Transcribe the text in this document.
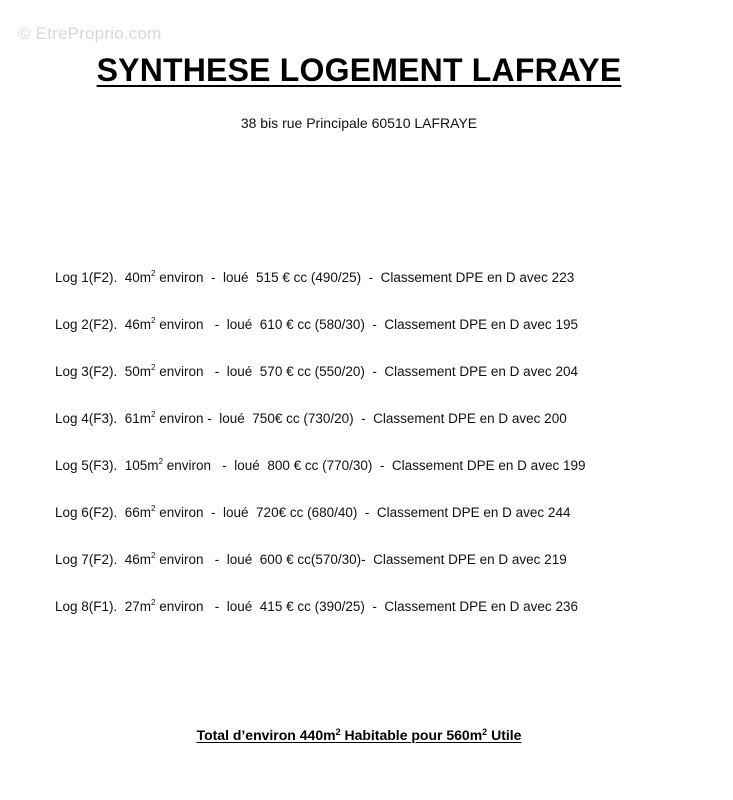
© EtreProprio.com
SYNTHESE LOGEMENT LAFRAYE
38 bis rue Principale 60510 LAFRAYE
Log 1(F2).  $40m^2$ environ  -  loué  515 € cc (490/25)  -  Classement DPE en D avec 223
Log 2(F2).  $46m^2$ environ   -  loué  610 € cc (580/30)  -  Classement DPE en D avec 195
Log 3(F2).  $50m^2$ environ   -  loué  570 € cc (550/20)  -  Classement DPE en D avec 204
Log 4(F3).  $61m^2$ environ -  loué  750€ cc (730/20)  -  Classement DPE en D avec 200
Log 5(F3).  $105m^2$ environ   -  loué  800 € cc (770/30)  -  Classement DPE en D avec 199
Log 6(F2).  $66m^2$ environ  -  loué  720€ cc (680/40)  -  Classement DPE en D avec 244
Log 7(F2).  $46m^2$ environ   -  loué  600 € cc(570/30)-  Classement DPE en D avec 219
Log 8(F1).  $27m^2$ environ   -  loué  415 € cc (390/25)  -  Classement DPE en D avec 236
Total d’environ $440m^2$ Habitable pour $560m^2$ Utile
